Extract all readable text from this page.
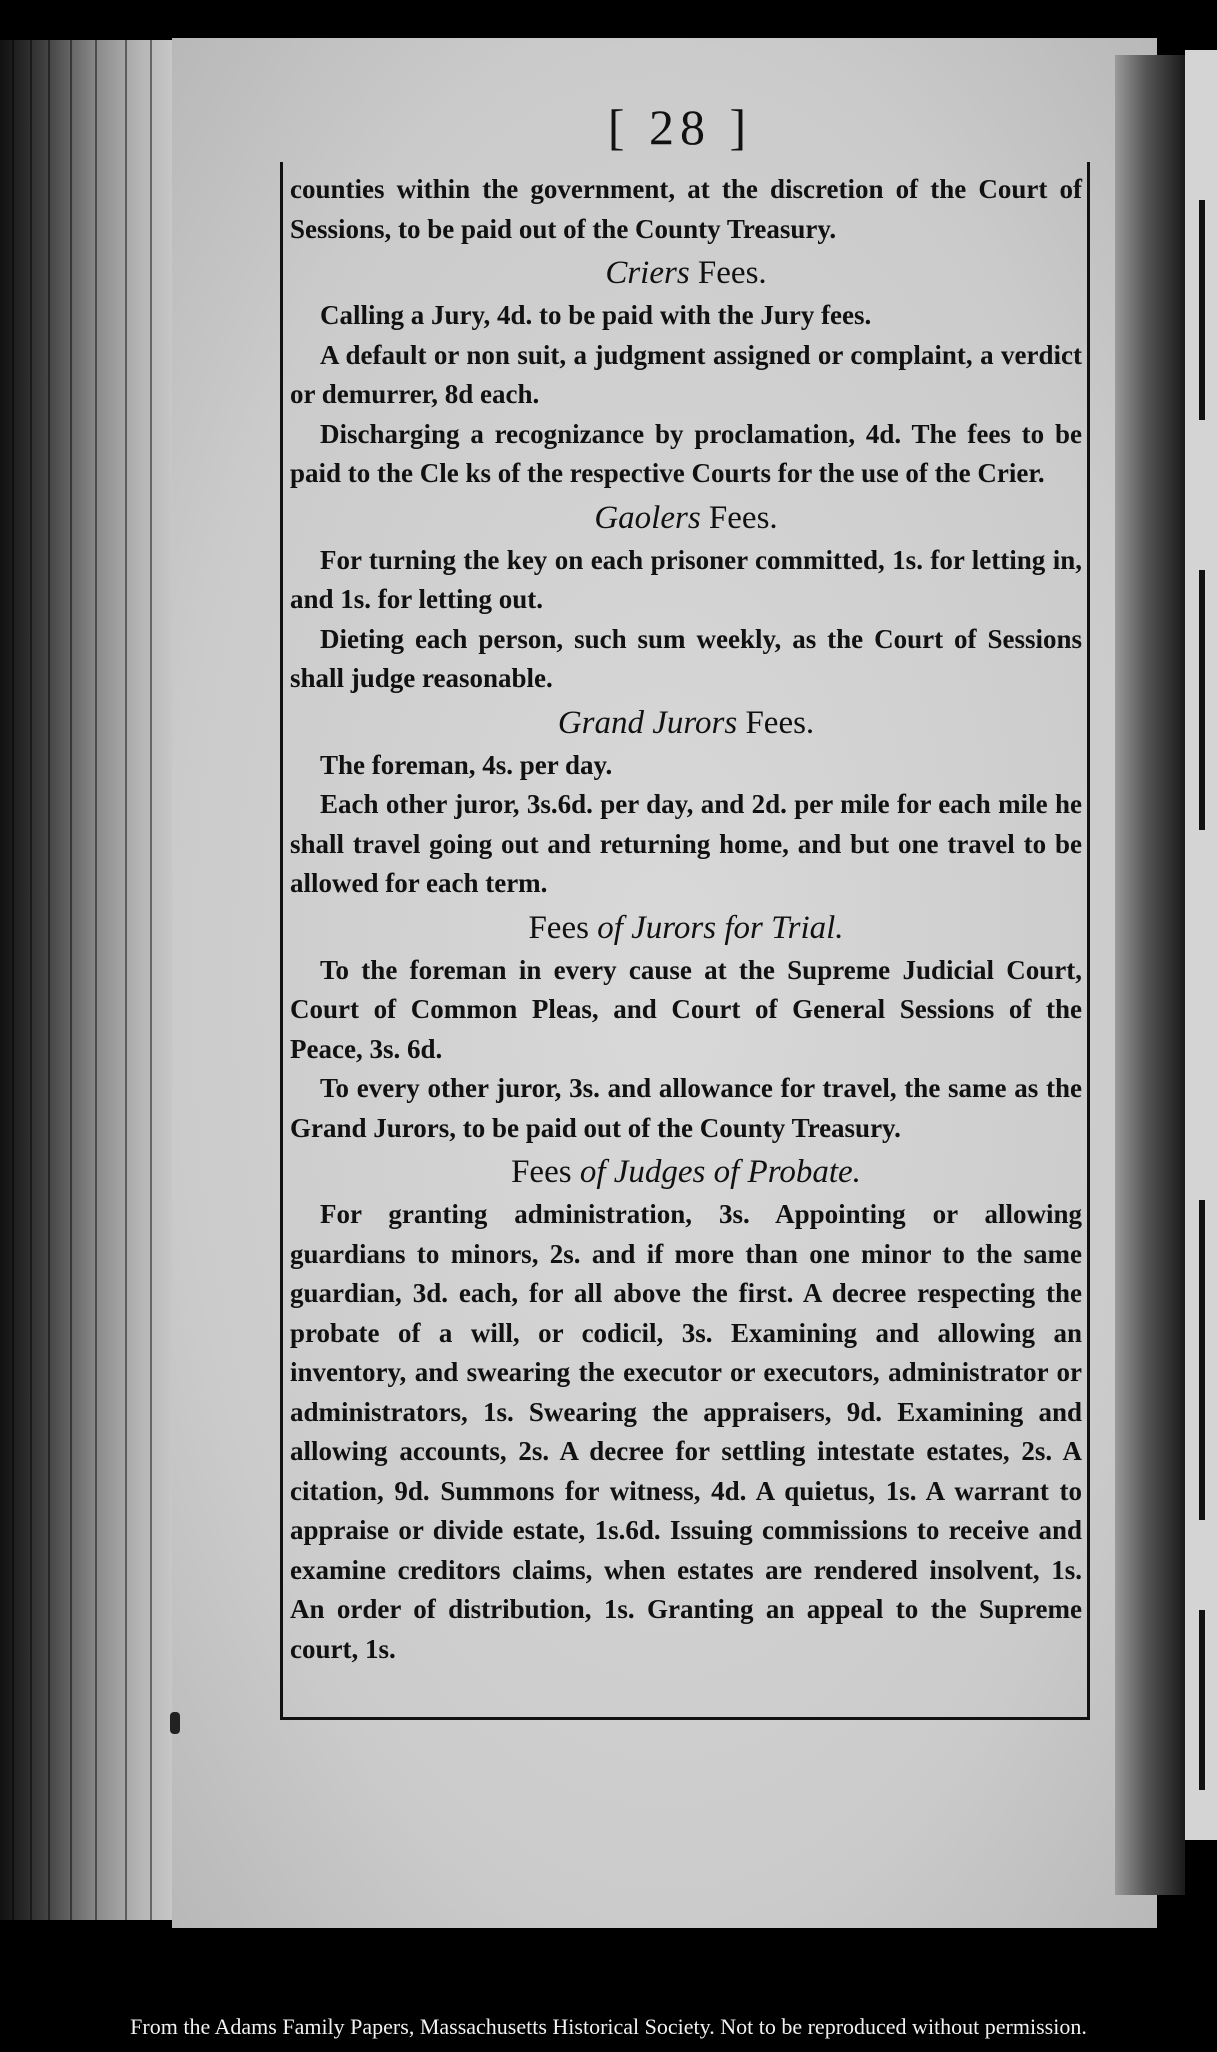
[ 28 ]

counties within the government, at the discretion of the Court of Sessions, to be paid out of the County Treasury.

Criers Fees.

Calling a Jury, 4d. to be paid with the Jury fees.

A default or non suit, a judgment assigned or complaint, a verdict or demurrer, 8d each.

Discharging a recognizance by proclamation, 4d. The fees to be paid to the Cle ks of the respective Courts for the use of the Crier.

Gaolers Fees.

For turning the key on each prisoner committed, 1s. for letting in, and 1s. for letting out.

Dieting each person, such sum weekly, as the Court of Sessions shall judge reasonable.

Grand Jurors Fees.

The foreman, 4s. per day.

Each other juror, 3s.6d. per day, and 2d. per mile for each mile he shall travel going out and returning home, and but one travel to be allowed for each term.

Fees of Jurors for Trial.

To the foreman in every cause at the Supreme Judicial Court, Court of Common Pleas, and Court of General Sessions of the Peace, 3s. 6d.

To every other juror, 3s. and allowance for travel, the same as the Grand Jurors, to be paid out of the County Treasury.

Fees of Judges of Probate.

For granting administration, 3s. Appointing or allowing guardians to minors, 2s. and if more than one minor to the same guardian, 3d. each, for all above the first. A decree respecting the probate of a will, or codicil, 3s. Examining and allowing an inventory, and swearing the executor or executors, administrator or administrators, 1s. Swearing the appraisers, 9d. Examining and allowing accounts, 2s. A decree for settling intestate estates, 2s. A citation, 9d. Summons for witness, 4d. A quietus, 1s. A warrant to appraise or divide estate, 1s.6d. Issuing commissions to receive and examine creditors claims, when estates are rendered insolvent, 1s. An order of distribution, 1s. Granting an appeal to the Supreme court, 1s.

From the Adams Family Papers, Massachusetts Historical Society. Not to be reproduced without permission.
